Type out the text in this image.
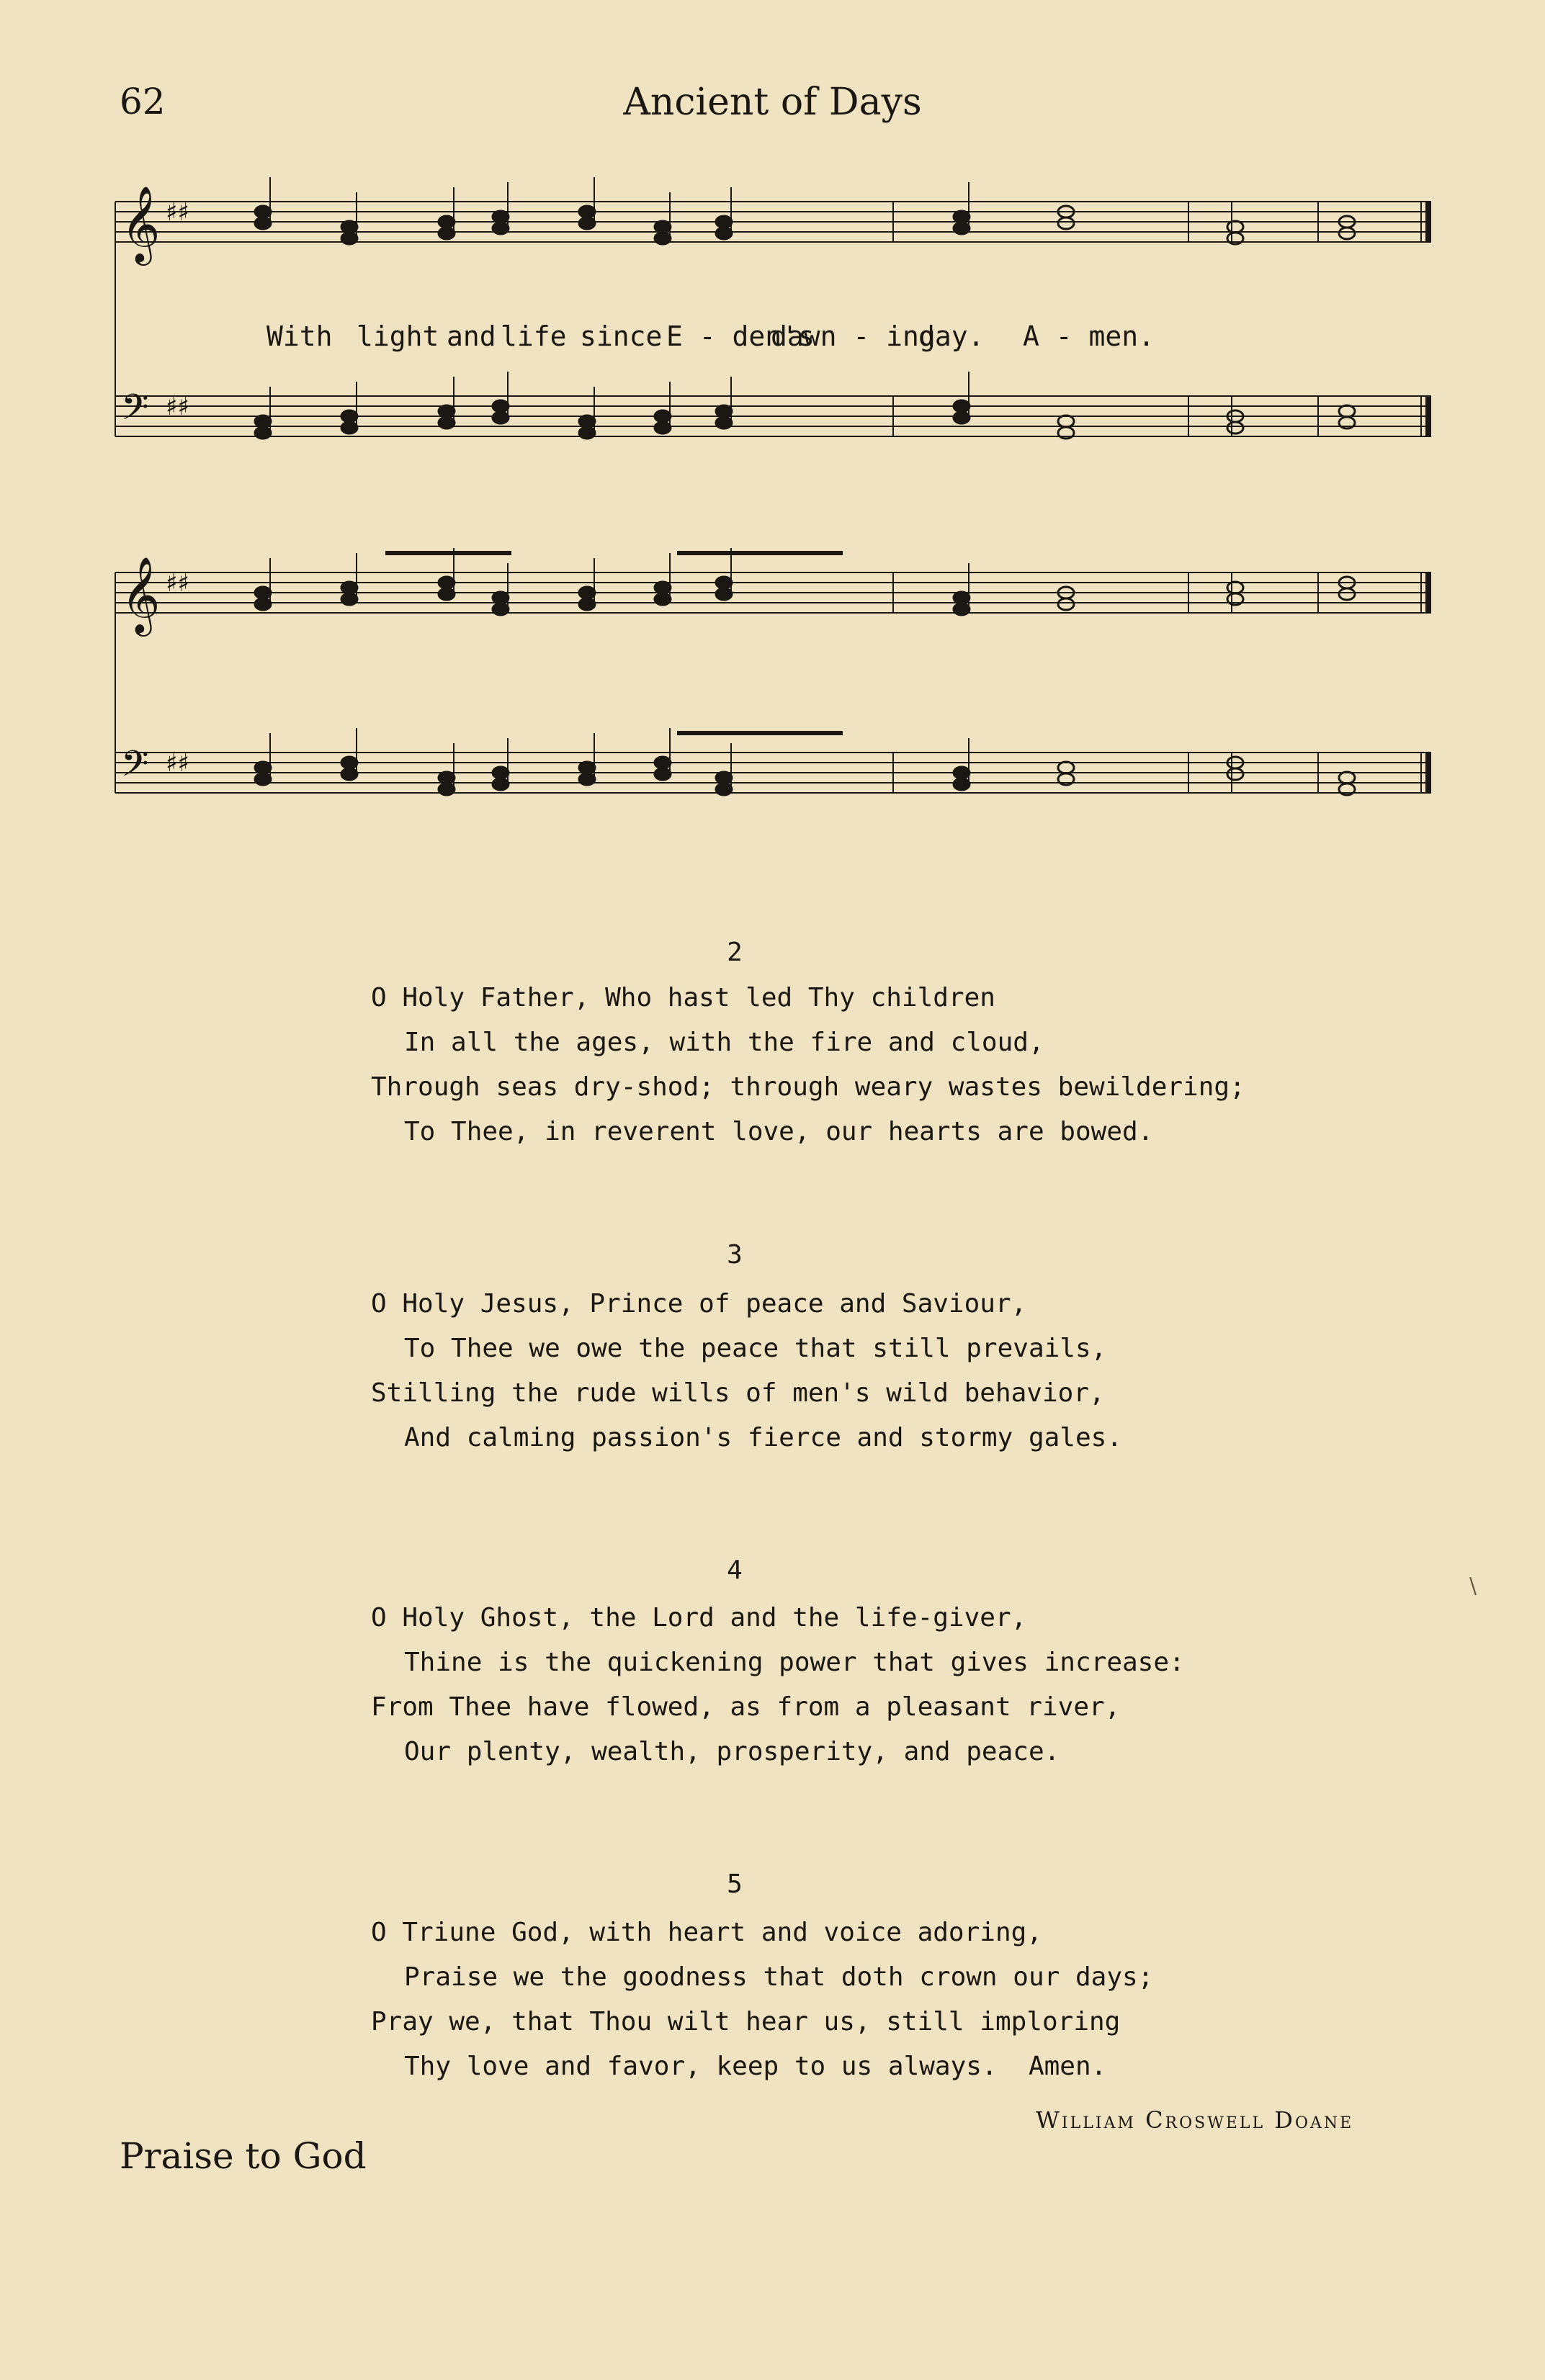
62	Ancient of Days
𝄞 ♯♯
𝄢 ♯♯
𝄞 ♯♯
𝄢 ♯♯
With light and life since E - den's
dawn - ing
day. A - men.
2
O Holy Father, Who hast led Thy children
In all the ages, with the fire and cloud,
Through seas dry-shod; through weary wastes bewildering;
To Thee, in reverent love, our hearts are bowed.
3
O Holy Jesus, Prince of peace and Saviour,
To Thee we owe the peace that still prevails,
Stilling the rude wills of men's wild behavior,
And calming passion's fierce and stormy gales.
4
O Holy Ghost, the Lord and the life-giver,
Thine is the quickening power that gives increase:
From Thee have flowed, as from a pleasant river,
Our plenty, wealth, prosperity, and peace.
5
O Triune God, with heart and voice adoring,
Praise we the goodness that doth crown our days;
Pray we, that Thou wilt hear us, still imploring
Thy love and favor, keep to us always.  Amen.
William Croswell Doane
Praise to God
\
